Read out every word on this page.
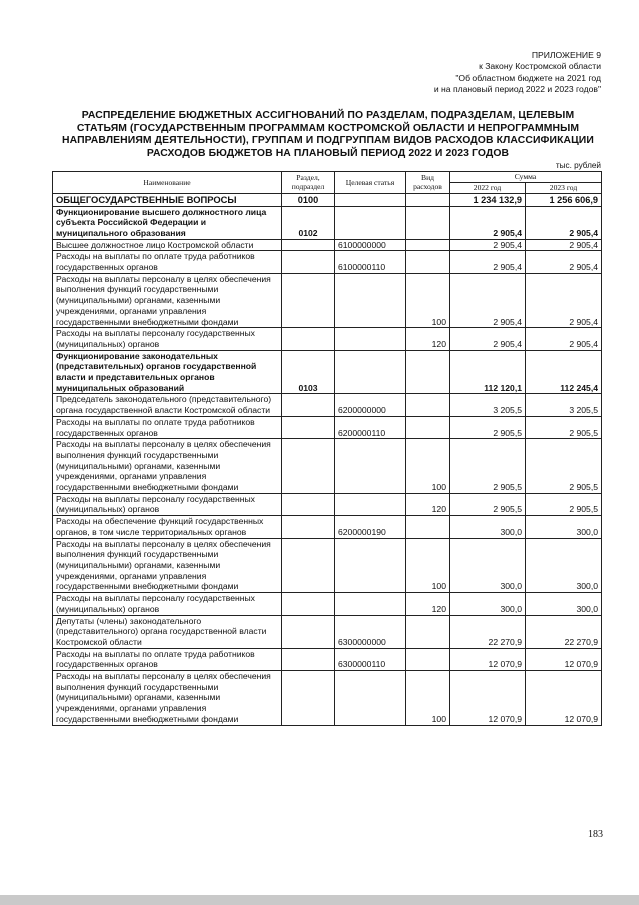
ПРИЛОЖЕНИЕ 9
к Закону Костромской области
"Об областном бюджете на 2021 год
и на плановый период 2022 и 2023 годов"
РАСПРЕДЕЛЕНИЕ БЮДЖЕТНЫХ АССИГНОВАНИЙ ПО РАЗДЕЛАМ, ПОДРАЗДЕЛАМ, ЦЕЛЕВЫМ
СТАТЬЯМ (ГОСУДАРСТВЕННЫМ ПРОГРАММАМ КОСТРОМСКОЙ ОБЛАСТИ И НЕПРОГРАММНЫМ
НАПРАВЛЕНИЯМ ДЕЯТЕЛЬНОСТИ), ГРУППАМ И ПОДГРУППАМ ВИДОВ РАСХОДОВ КЛАССИФИКАЦИИ
РАСХОДОВ БЮДЖЕТОВ НА ПЛАНОВЫЙ ПЕРИОД 2022 И 2023 ГОДОВ
тыс. рублей
Наименование	Раздел, подраздел	Целевая статья	Вид расходов	Сумма	
				2022 год	2023 год
ОБЩЕГОСУДАРСТВЕННЫЕ ВОПРОСЫ	0100			1 234 132,9	1 256 606,9
Функционирование высшего должностного лица субъекта Российской Федерации и муниципального образования	0102			2 905,4	2 905,4
Высшее должностное лицо Костромской области		6100000000		2 905,4	2 905,4
Расходы на выплаты по оплате труда работников государственных органов		6100000110		2 905,4	2 905,4
Расходы на выплаты персоналу в целях обеспечения выполнения функций государственными (муниципальными) органами, казенными учреждениями, органами управления государственными внебюджетными фондами			100	2 905,4	2 905,4
Расходы на выплаты персоналу государственных (муниципальных) органов			120	2 905,4	2 905,4
Функционирование законодательных (представительных) органов государственной власти и представительных органов муниципальных образований	0103			112 120,1	112 245,4
Председатель законодательного (представительного) органа государственной власти Костромской области		6200000000		3 205,5	3 205,5
Расходы на выплаты по оплате труда работников государственных органов		6200000110		2 905,5	2 905,5
Расходы на выплаты персоналу в целях обеспечения выполнения функций государственными (муниципальными) органами, казенными учреждениями, органами управления государственными внебюджетными фондами			100	2 905,5	2 905,5
Расходы на выплаты персоналу государственных (муниципальных) органов			120	2 905,5	2 905,5
Расходы на обеспечение функций государственных органов, в том числе территориальных органов		6200000190		300,0	300,0
Расходы на выплаты персоналу в целях обеспечения выполнения функций государственными (муниципальными) органами, казенными учреждениями, органами управления государственными внебюджетными фондами			100	300,0	300,0
Расходы на выплаты персоналу государственных (муниципальных) органов			120	300,0	300,0
Депутаты (члены) законодательного (представительного) органа государственной власти Костромской области		6300000000		22 270,9	22 270,9
Расходы на выплаты по оплате труда работников государственных органов		6300000110		12 070,9	12 070,9
Расходы на выплаты персоналу в целях обеспечения выполнения функций государственными (муниципальными) органами, казенными учреждениями, органами управления государственными внебюджетными фондами			100	12 070,9	12 070,9
183
